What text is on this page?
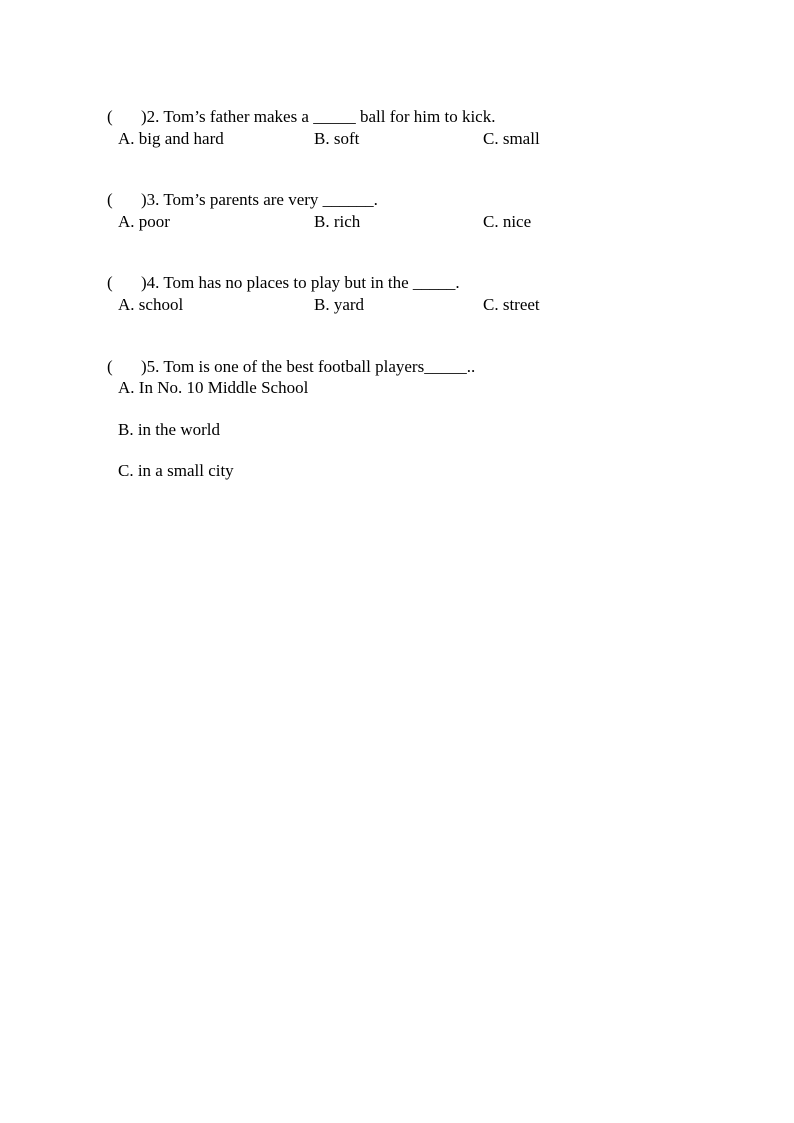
( )2. Tom’s father makes a _____ ball for him to kick.

A. big and hard	B. soft	C. small

( )3. Tom’s parents are very ______.

A. poor	B. rich	C. nice

( )4. Tom has no places to play but in the _____.

A. school	B. yard	C. street

( )5. Tom is one of the best football players_____..

A. In No. 10 Middle School
B. in the world
C. in a small city
